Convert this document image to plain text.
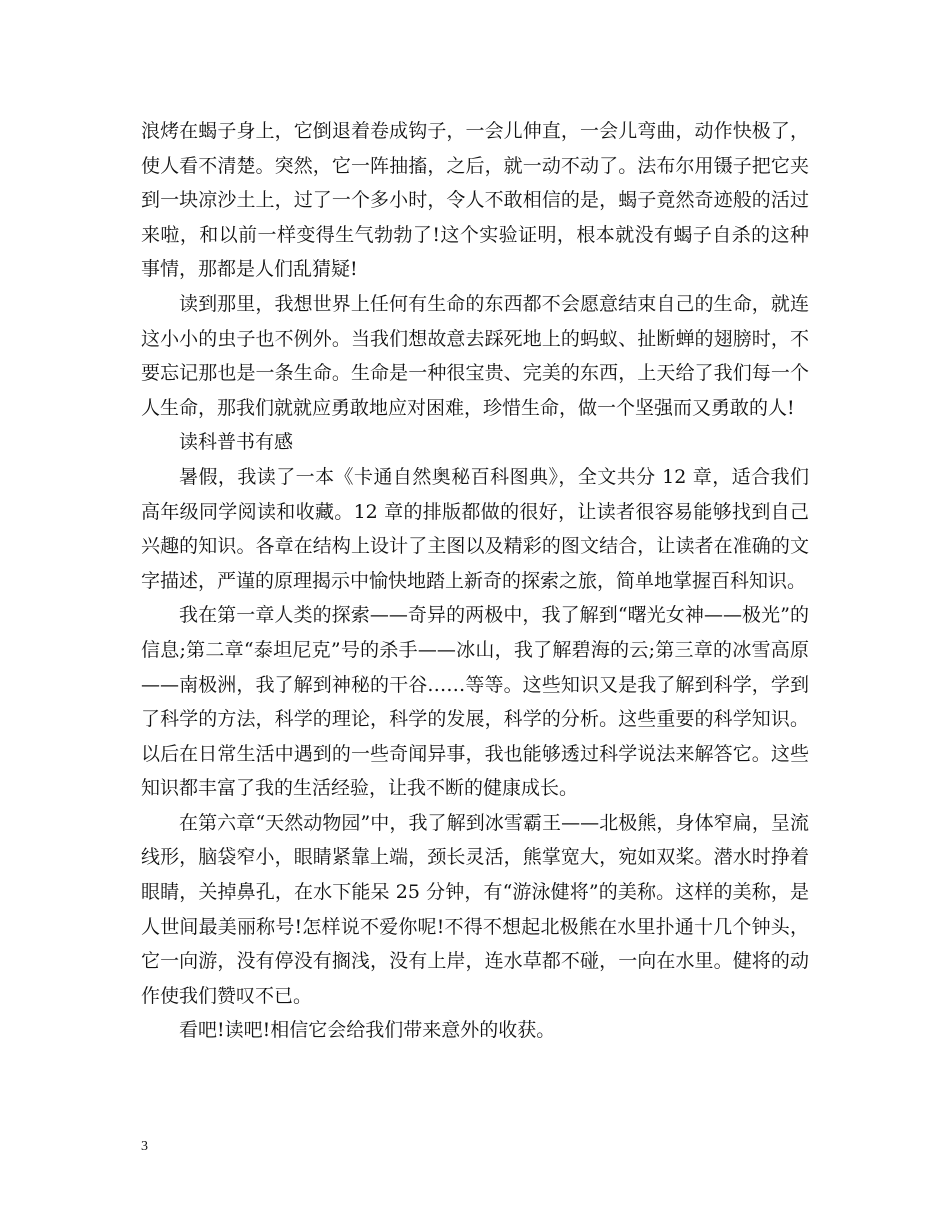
浪烤在蝎子身上，它倒退着卷成钩子，一会儿伸直，一会儿弯曲，动作快极了，使人看不清楚。突然，它一阵抽搐，之后，就一动不动了。法布尔用镊子把它夹到一块凉沙土上，过了一个多小时，令人不敢相信的是，蝎子竟然奇迹般的活过来啦，和以前一样变得生气勃勃了!这个实验证明，根本就没有蝎子自杀的这种事情，那都是人们乱猜疑!

读到那里，我想世界上任何有生命的东西都不会愿意结束自己的生命，就连这小小的虫子也不例外。当我们想故意去踩死地上的蚂蚁、扯断蝉的翅膀时，不要忘记那也是一条生命。生命是一种很宝贵、完美的东西，上天给了我们每一个人生命，那我们就就应勇敢地应对困难，珍惜生命，做一个坚强而又勇敢的人!

读科普书有感

暑假，我读了一本《卡通自然奥秘百科图典》，全文共分 12 章，适合我们高年级同学阅读和收藏。12 章的排版都做的很好，让读者很容易能够找到自己兴趣的知识。各章在结构上设计了主图以及精彩的图文结合，让读者在准确的文字描述，严谨的原理揭示中愉快地踏上新奇的探索之旅，简单地掌握百科知识。

我在第一章人类的探索——奇异的两极中，我了解到“曙光女神——极光”的信息;第二章“泰坦尼克”号的杀手——冰山，我了解碧海的云;第三章的冰雪高原——南极洲，我了解到神秘的干谷……等等。这些知识又是我了解到科学，学到了科学的方法，科学的理论，科学的发展，科学的分析。这些重要的科学知识。以后在日常生活中遇到的一些奇闻异事，我也能够透过科学说法来解答它。这些知识都丰富了我的生活经验，让我不断的健康成长。

在第六章“天然动物园”中，我了解到冰雪霸王——北极熊，身体窄扁，呈流线形，脑袋窄小，眼睛紧靠上端，颈长灵活，熊掌宽大，宛如双桨。潜水时挣着眼睛，关掉鼻孔，在水下能呆 25 分钟，有“游泳健将”的美称。这样的美称，是人世间最美丽称号!怎样说不爱你呢!不得不想起北极熊在水里扑通十几个钟头，它一向游，没有停没有搁浅，没有上岸，连水草都不碰，一向在水里。健将的动作使我们赞叹不已。

看吧!读吧!相信它会给我们带来意外的收获。

3
